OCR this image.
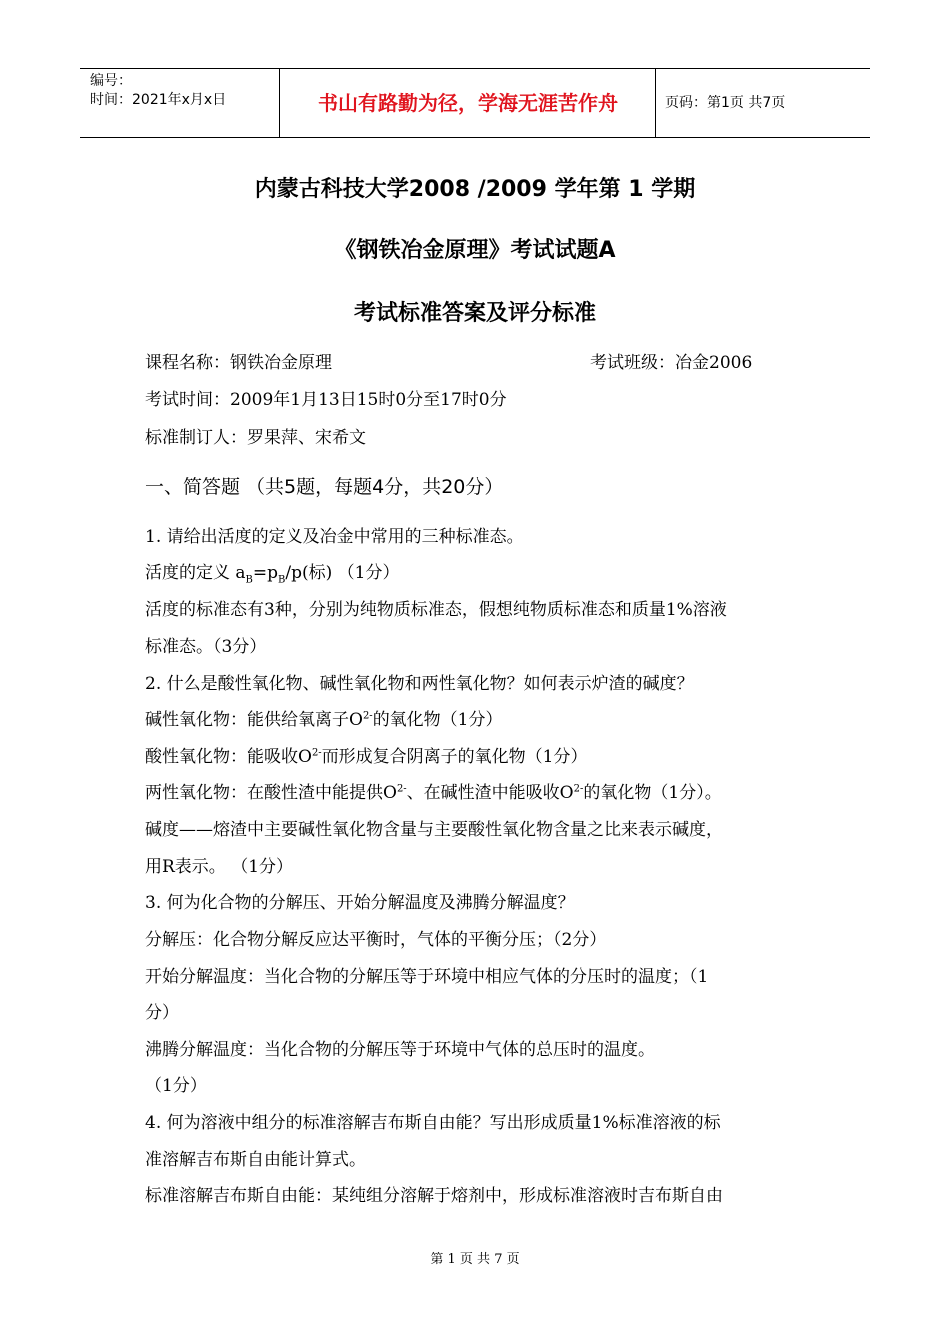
编号：
时间：2021年x月x日	书山有路勤为径，学海无涯苦作舟	页码：第1页 共7页
内蒙古科技大学2008 /2009 学年第 1 学期
《钢铁冶金原理》考试试题A
考试标准答案及评分标准
课程名称：钢铁冶金原理	考试班级：冶金2006
考试时间：2009年1月13日15时0分至17时0分
标准制订人：罗果萍、宋希文
一、简答题 （共5题，每题4分，共20分）
1. 请给出活度的定义及冶金中常用的三种标准态。
活度的定义 $a_B=p_B/p$(标) （1分）
活度的标准态有3种，分别为纯物质标准态，假想纯物质标准态和质量1%溶液
标准态。（3分）
2. 什么是酸性氧化物、碱性氧化物和两性氧化物？如何表示炉渣的碱度？
碱性氧化物：能供给氧离子$O^{2-}$的氧化物（1分）
酸性氧化物：能吸收$O^{2-}$而形成复合阴离子的氧化物（1分）
两性氧化物：在酸性渣中能提供$O^{2-}$、在碱性渣中能吸收$O^{2-}$的氧化物（1分）。
碱度——熔渣中主要碱性氧化物含量与主要酸性氧化物含量之比来表示碱度，
用R表示。 （1分）
3. 何为化合物的分解压、开始分解温度及沸腾分解温度？
分解压：化合物分解反应达平衡时，气体的平衡分压；（2分）
开始分解温度：当化合物的分解压等于环境中相应气体的分压时的温度；（1
分）
沸腾分解温度：当化合物的分解压等于环境中气体的总压时的温度。
（1分）
4. 何为溶液中组分的标准溶解吉布斯自由能？写出形成质量1%标准溶液的标
准溶解吉布斯自由能计算式。
标准溶解吉布斯自由能：某纯组分溶解于熔剂中，形成标准溶液时吉布斯自由
第 1 页 共 7 页
